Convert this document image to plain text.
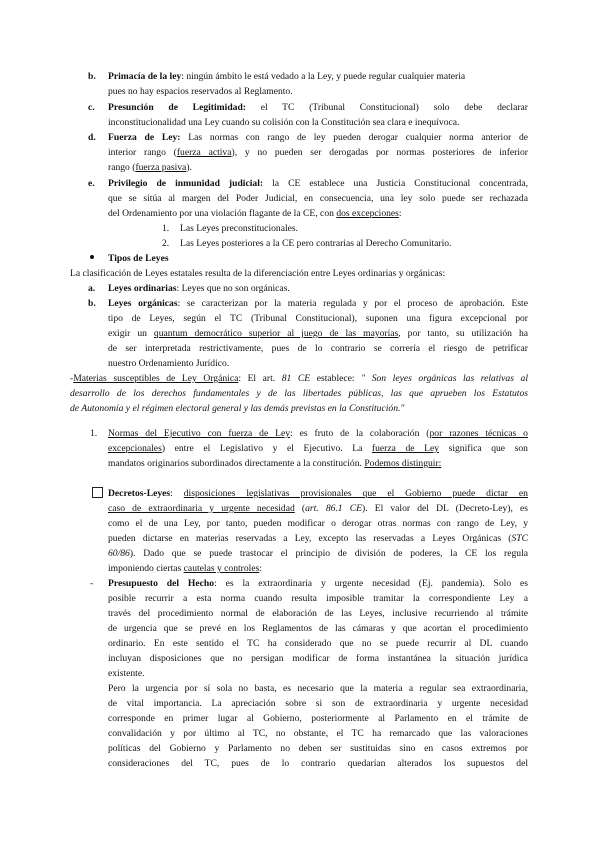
b. Primacía de la ley: ningún ámbito le está vedado a la Ley, y puede regular cualquier materia
pues no hay espacios reservados al Reglamento.
c. Presunción de Legitimidad: el TC (Tribunal Constitucional) solo debe declarar
inconstitucionalidad una Ley cuando su colisión con la Constitución sea clara e inequívoca.
d. Fuerza de Ley: Las normas con rango de ley pueden derogar cualquier norma anterior de
interior rango (fuerza activa), y no pueden ser derogadas por normas posteriores de inferior
rango (fuerza pasiva).
e. Privilegio de inmunidad judicial: la CE establece una Justicia Constitucional concentrada,
que se sitúa al margen del Poder Judicial, en consecuencia, una ley solo puede ser rechazada
del Ordenamiento por una violación flagante de la CE, con dos excepciones:
1. Las Leyes preconstitucionales.
2. Las Leyes posteriores a la CE pero contrarias al Derecho Comunitario.
Tipos de Leyes
La clasificación de Leyes estatales resulta de la diferenciación entre Leyes ordinarias y orgánicas:
a. Leyes ordinarias: Leyes que no son orgánicas.
b. Leyes orgánicas: se caracterizan por la materia regulada y por el proceso de aprobación. Este
tipo de Leyes, según el TC (Tribunal Constitucional), suponen una figura excepcional por
exigir un quantum democrático superior al juego de las mayorías, por tanto, su utilización ha
de ser interpretada restrictivamente, pues de lo contrario se correría el riesgo de petrificar
nuestro Ordenamiento Jurídico.
-Materias susceptibles de Ley Orgánica: El art. 81 CE establece: " Son leyes orgánicas las relativas al
desarrollo de los derechos fundamentales y de las libertades públicas, las que aprueben los Estatutos
de Autonomía y el régimen electoral general y las demás previstas en la Constitución."
1. Normas del Ejecutivo con fuerza de Ley: es fruto de la colaboración (por razones técnicas o
excepcionales) entre el Legislativo y el Ejecutivo. La fuerza de Ley significa que son
mandatos originarios subordinados directamente a la constitución. Podemos distinguir:
Decretos-Leyes: disposiciones legislativas provisionales que el Gobierno puede dictar en
caso de extraordinaria y urgente necesidad (art. 86.1 CE). El valor del DL (Decreto-Ley), es
como el de una Ley, por tanto, pueden modificar o derogar otras normas con rango de Ley, y
pueden dictarse en materias reservadas a Ley, excepto las reservadas a Leyes Orgánicas (STC
60/86). Dado que se puede trastocar el principio de división de poderes, la CE los regula
imponiendo ciertas cautelas y controles:
- Presupuesto del Hecho: es la extraordinaria y urgente necesidad (Ej. pandemia). Solo es
posible recurrir a esta norma cuando resulta imposible tramitar la correspondiente Ley a
través del procedimiento normal de elaboración de las Leyes, inclusive recurriendo al trámite
de urgencia que se prevé en los Reglamentos de las cámaras y que acortan el procedimiento
ordinario. En este sentido el TC ha considerado que no se puede recurrir al DL cuando
incluyan disposiciones que no persigan modificar de forma instantánea la situación jurídica
existente.
Pero la urgencia por sí sola no basta, es necesario que la materia a regular sea extraordinaria,
de vital importancia. La apreciación sobre si son de extraordinaria y urgente necesidad
corresponde en primer lugar al Gobierno, posteriormente al Parlamento en el trámite de
convalidación y por último al TC, no obstante, el TC ha remarcado que las valoraciones
políticas del Gobierno y Parlamento no deben ser sustituidas sino en casos extremos por
consideraciones del TC, pues de lo contrario quedarían alterados los supuestos del
